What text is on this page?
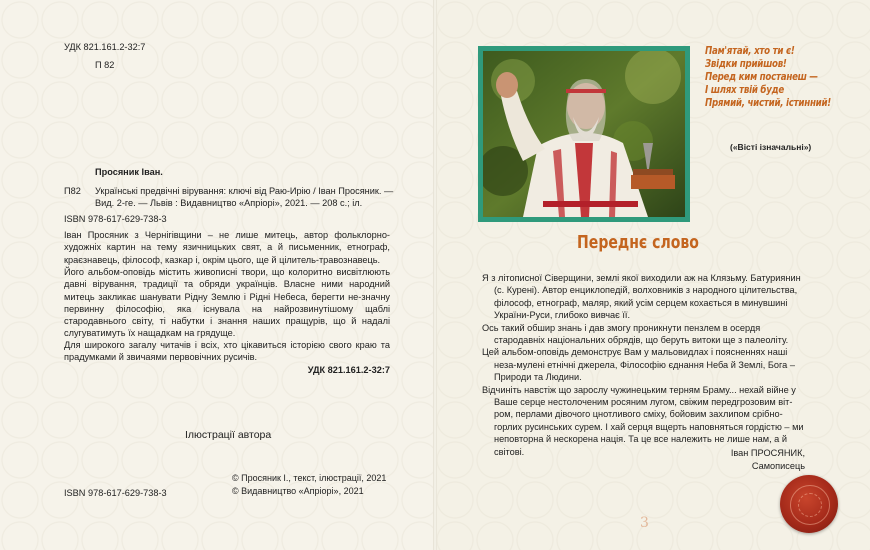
УДК 821.161.2-32:7
П 82
Просяник Іван.
П82	Українські предвічні вірування: ключі від Раю-Ирію / Іван Просяник. — Вид. 2-ге. — Львів : Видавництво «Апріорі», 2021. — 208 с.; іл.
ISBN 978-617-629-738-3
Іван Просяник з Чернігівщини – не лише митець, автор фольклорно-художніх картин на тему язичницьких свят, а й письменник, етнограф, краєзнавець, філософ, казкар і, окрім цього, ще й цілитель-травознавець.
Його альбом-оповідь містить живописні твори, що колоритно висвітлюють давні вірування, традиції та обряди українців. Власне ними народний митець закликає шанувати Рідну Землю і Рідні Небеса, берегти не-значну первинну філософію, яка існувала на найрозвинутішому щаблі стародавнього світу, ті набутки і знання наших пращурів, що й надалі слугуватимуть їх нащадкам на грядуще.
Для широкого загалу читачів і всіх, хто цікавиться історією свого краю та прадумками й звичаями первовічних русичів.
УДК 821.161.2-32:7
Ілюстрації автора
© Просяник І., текст, ілюстрації, 2021
© Видавництво «Апріорі», 2021
ISBN 978-617-629-738-3
Пам'ятай, хто ти є!
Звідки прийшов!
Перед ким постанеш —
І шлях твій буде
Прямий, чистий, істинний!
(«Вісті ізначальні»)
Переднє слово

Я з літописної Сіверщини, землі якої виходили аж на Клязьму. Батуриянин (с. Курені). Автор енциклопедій, волховників з народного цілительства, філософ, етнограф, маляр, який усім серцем кохається в минувшині України-Руси, глибоко вивчає її.

Ось такий обшир знань і дав змогу проникнути пензлем в осердя стародавніх національних обрядів, що беруть витоки ще з палеоліту.

Цей альбом-оповідь демонструє Вам у мальовидлах і поясненнях наші неза-мулені етнічні джерела, Філософію єднання Неба й Землі, Бога – Природи та Людини.

Відчиніть навстіж що зарослу чужинецьким терням Браму... нехай війне у Ваше серце нестолоченим росяним лугом, свіжим передгрозовим віт-ром, перлами дівочого цнотливого сміху, бойовим захлипом срібно-горлих русинських сурем. І хай серця вщерть наповняться гордістю – ми неповторна й нескорена нація. Та це все належить не лише нам, а й світові.	Іван ПРОСЯНИК,
Самописець
3
